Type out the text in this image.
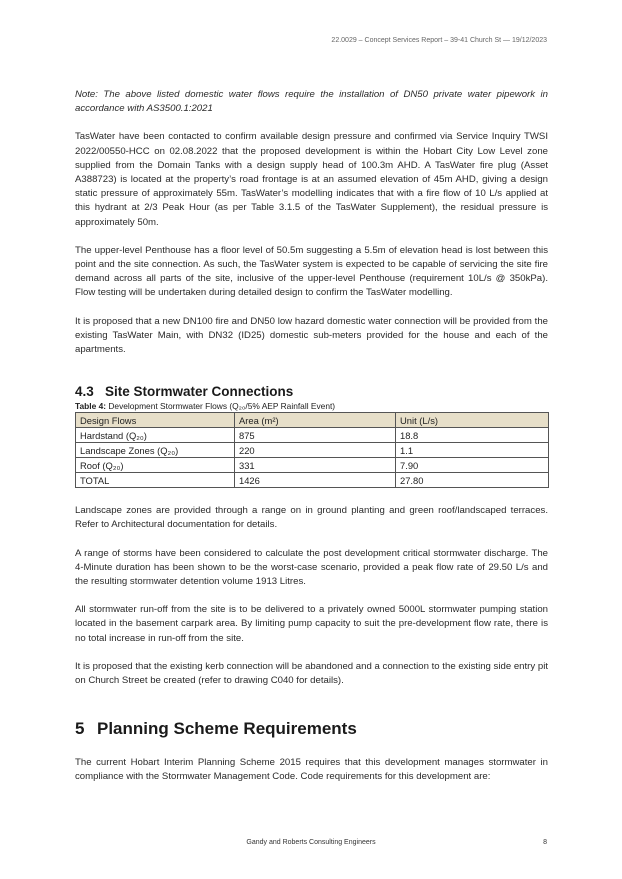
22.0029 – Concept Services Report – 39-41 Church St — 19/12/2023

Note: The above listed domestic water flows require the installation of DN50 private water pipework in accordance with AS3500.1:2021

TasWater have been contacted to confirm available design pressure and confirmed via Service Inquiry TWSI 2022/00550-HCC on 02.08.2022 that the proposed development is within the Hobart City Low Level zone supplied from the Domain Tanks with a design supply head of 100.3m AHD. A TasWater fire plug (Asset A388723) is located at the property’s road frontage is at an assumed elevation of 45m AHD, giving a design static pressure of approximately 55m. TasWater’s modelling indicates that with a fire flow of 10 L/s applied at this hydrant at 2/3 Peak Hour (as per Table 3.1.5 of the TasWater Supplement), the residual pressure is approximately 50m.

The upper-level Penthouse has a floor level of 50.5m suggesting a 5.5m of elevation head is lost between this point and the site connection. As such, the TasWater system is expected to be capable of servicing the site fire demand across all parts of the site, inclusive of the upper-level Penthouse (requirement 10L/s @ 350kPa). Flow testing will be undertaken during detailed design to confirm the TasWater modelling.

It is proposed that a new DN100 fire and DN50 low hazard domestic water connection will be provided from the existing TasWater Main, with DN32 (ID25) domestic sub-meters provided for the house and each of the apartments.

4.3 Site Stormwater Connections
Table 4: Development Stormwater Flows (Q₂₀/5% AEP Rainfall Event)
Design Flows	Area (m²)	Unit (L/s)
Hardstand (Q₂₀)	875	18.8
Landscape Zones (Q₂₀)	220	1.1
Roof (Q₂₀)	331	7.90
TOTAL	1426	27.80

Landscape zones are provided through a range on in ground planting and green roof/landscaped terraces. Refer to Architectural documentation for details.

A range of storms have been considered to calculate the post development critical stormwater discharge. The 4-Minute duration has been shown to be the worst-case scenario, provided a peak flow rate of 29.50 L/s and the resulting stormwater detention volume 1913 Litres.

All stormwater run-off from the site is to be delivered to a privately owned 5000L stormwater pumping station located in the basement carpark area. By limiting pump capacity to suit the pre-development flow rate, there is no total increase in run-off from the site.

It is proposed that the existing kerb connection will be abandoned and a connection to the existing side entry pit on Church Street be created (refer to drawing C040 for details).

5 Planning Scheme Requirements

The current Hobart Interim Planning Scheme 2015 requires that this development manages stormwater in compliance with the Stormwater Management Code. Code requirements for this development are:

Gandy and Roberts Consulting Engineers	8
